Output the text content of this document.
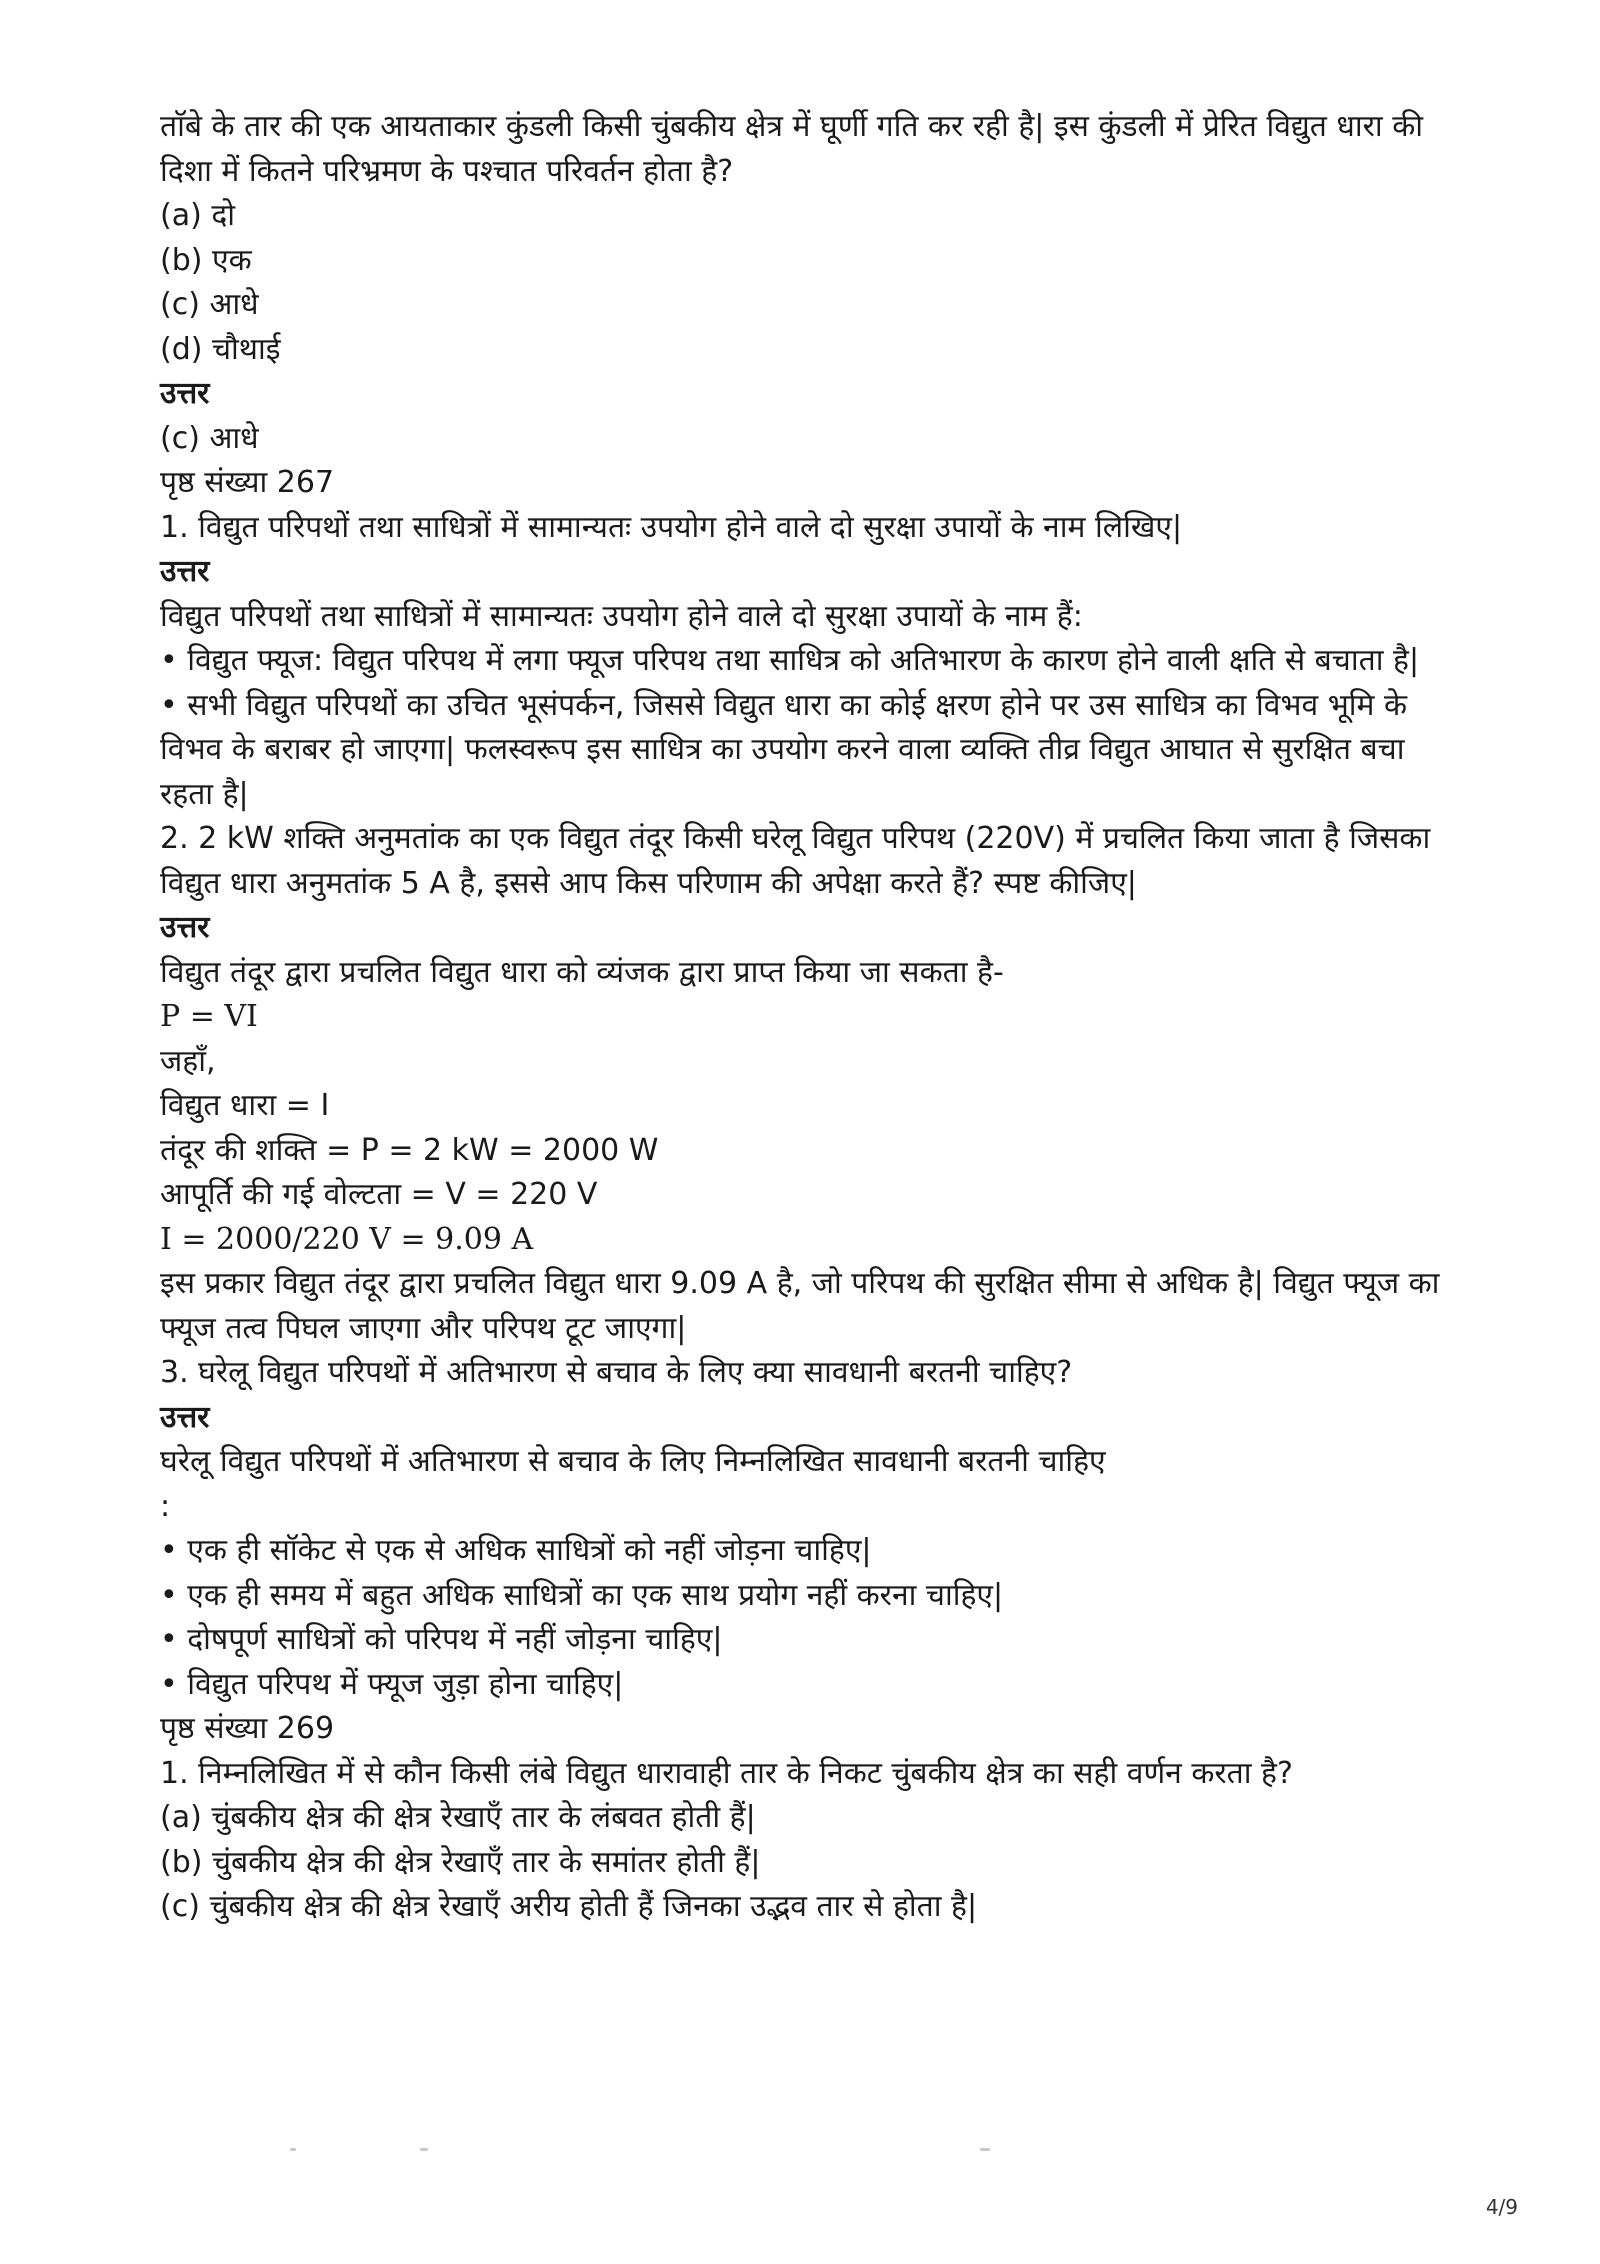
ताॅबे के तार की एक आयताकार कुंडली किसी चुंबकीय क्षेत्र में घूर्णी गति कर रही है| इस कुंडली में प्रेरित विद्युत धारा की दिशा में कितने परिभ्रमण के पश्चात परिवर्तन होता है?

(a) दो

(b) एक

(c) आधे

(d) चौथाई

उत्तर

(c) आधे

पृष्ठ संख्या 267

1. विद्युत परिपथों तथा साधित्रों में सामान्यतः उपयोग होने वाले दो सुरक्षा उपायों के नाम लिखिए|

उत्तर

विद्युत परिपथों तथा साधित्रों में सामान्यतः उपयोग होने वाले दो सुरक्षा उपायों के नाम हैं:

• विद्युत फ्यूज: विद्युत परिपथ में लगा फ्यूज परिपथ तथा साधित्र को अतिभारण के कारण होने वाली क्षति से बचाता है|

• सभी विद्युत परिपथों का उचित भूसंपर्कन, जिससे विद्युत धारा का कोई क्षरण होने पर उस साधित्र का विभव भूमि के विभव के बराबर हो जाएगा| फलस्वरूप इस साधित्र का उपयोग करने वाला व्यक्ति तीव्र विद्युत आघात से सुरक्षित बचा रहता है|

2. 2 kW शक्ति अनुमतांक का एक विद्युत तंदूर किसी घरेलू विद्युत परिपथ (220V) में प्रचलित किया जाता है जिसका विद्युत धारा अनुमतांक 5 A है, इससे आप किस परिणाम की अपेक्षा करते हैं? स्पष्ट कीजिए|

उत्तर

विद्युत तंदूर द्वारा प्रचलित विद्युत धारा को व्यंजक द्वारा प्राप्त किया जा सकता है-

P = VI

जहाँ,

विद्युत धारा = I

तंदूर की शक्ति = P = 2 kW = 2000 W

आपूर्ति की गई वोल्टता = V = 220 V

I = 2000/220 V = 9.09 A

इस प्रकार विद्युत तंदूर द्वारा प्रचलित विद्युत धारा 9.09 A है, जो परिपथ की सुरक्षित सीमा से अधिक है| विद्युत फ्यूज का फ्यूज तत्व पिघल जाएगा और परिपथ टूट जाएगा|

3. घरेलू विद्युत परिपथों में अतिभारण से बचाव के लिए क्या सावधानी बरतनी चाहिए?

उत्तर

घरेलू विद्युत परिपथों में अतिभारण से बचाव के लिए निम्नलिखित सावधानी बरतनी चाहिए

:

• एक ही सॉकेट से एक से अधिक साधित्रों को नहीं जोड़ना चाहिए|

• एक ही समय में बहुत अधिक साधित्रों का एक साथ प्रयोग नहीं करना चाहिए|

• दोषपूर्ण साधित्रों को परिपथ में नहीं जोड़ना चाहिए|

• विद्युत परिपथ में फ्यूज जुड़ा होना चाहिए|

पृष्ठ संख्या 269

1. निम्नलिखित में से कौन किसी लंबे विद्युत धारावाही तार के निकट चुंबकीय क्षेत्र का सही वर्णन करता है?

(a) चुंबकीय क्षेत्र की क्षेत्र रेखाएँ तार के लंबवत होती हैं|

(b) चुंबकीय क्षेत्र की क्षेत्र रेखाएँ तार के समांतर होती हैं|

(c) चुंबकीय क्षेत्र की क्षेत्र रेखाएँ अरीय होती हैं जिनका उद्भव तार से होता है|

4/9
